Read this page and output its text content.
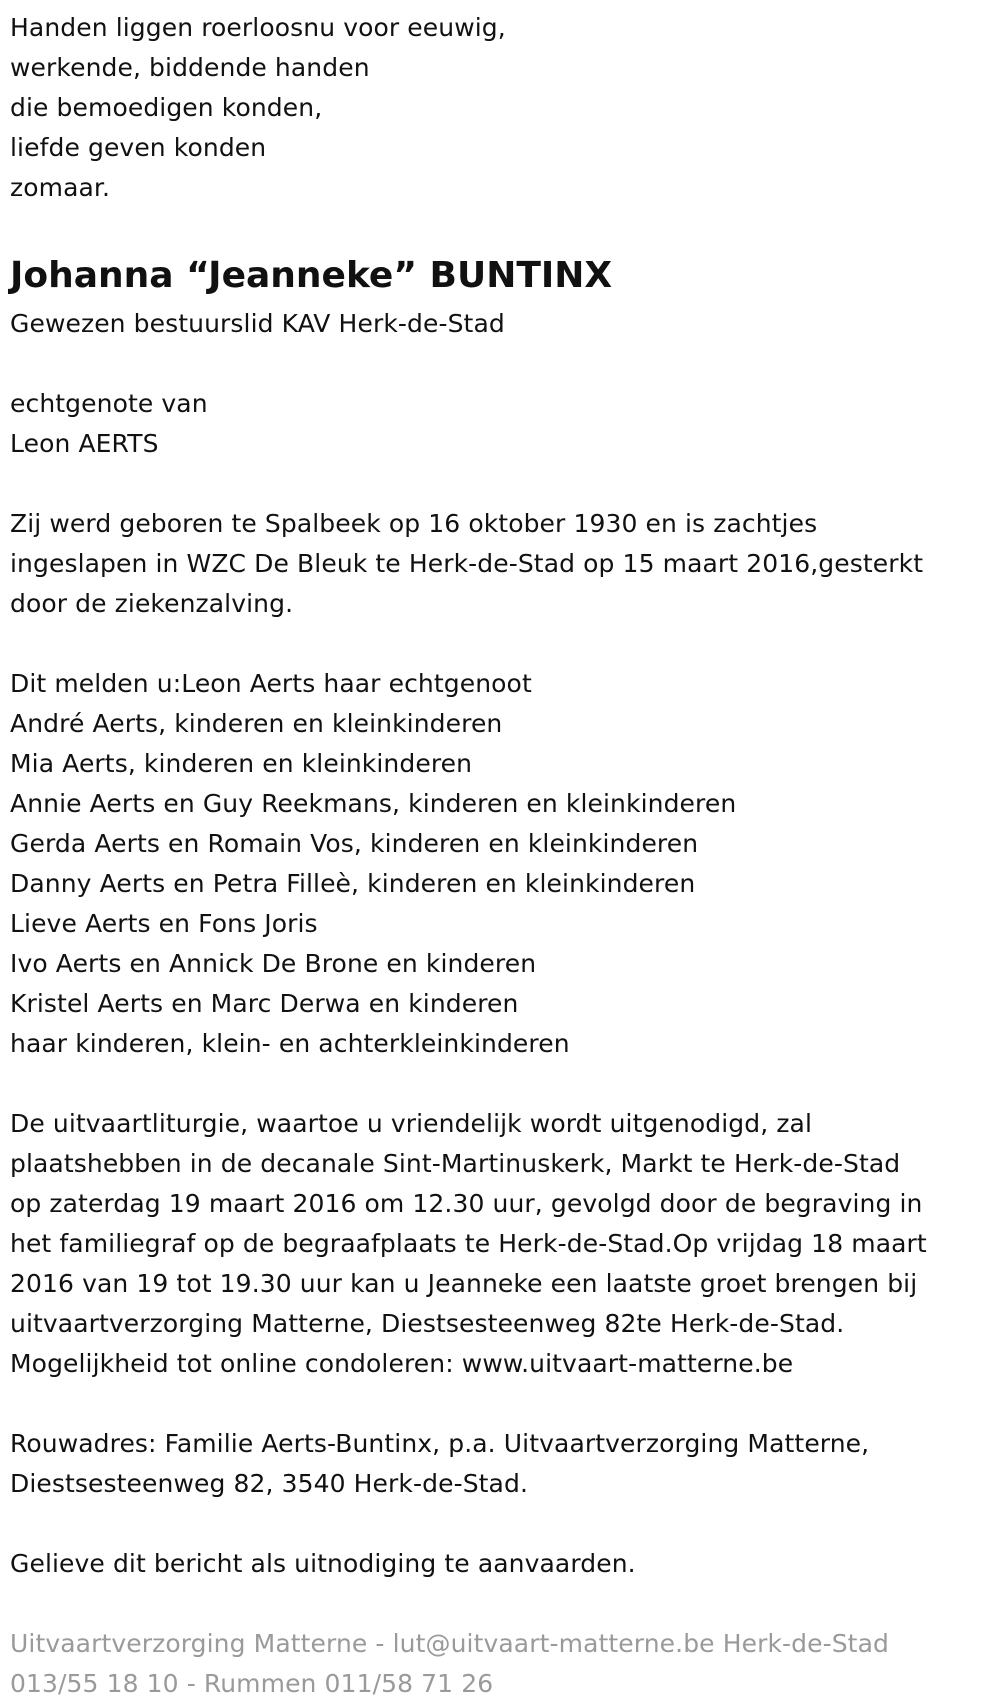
Handen liggen roerloosnu voor eeuwig,
werkende, biddende handen
die bemoedigen konden,
liefde geven konden
zomaar.
Johanna “Jeanneke” BUNTINX
Gewezen bestuurslid KAV Herk-de-Stad
echtgenote van
Leon AERTS
Zij werd geboren te Spalbeek op 16 oktober 1930 en is zachtjes
ingeslapen in WZC De Bleuk te Herk-de-Stad op 15 maart 2016,gesterkt
door de ziekenzalving.
Dit melden u:Leon Aerts haar echtgenoot
André Aerts, kinderen en kleinkinderen
Mia Aerts, kinderen en kleinkinderen
Annie Aerts en Guy Reekmans, kinderen en kleinkinderen
Gerda Aerts en Romain Vos, kinderen en kleinkinderen
Danny Aerts en Petra Filleè, kinderen en kleinkinderen
Lieve Aerts en Fons Joris
Ivo Aerts en Annick De Brone en kinderen
Kristel Aerts en Marc Derwa en kinderen
haar kinderen, klein- en achterkleinkinderen
De uitvaartliturgie, waartoe u vriendelijk wordt uitgenodigd, zal
plaatshebben in de decanale Sint-Martinuskerk, Markt te Herk-de-Stad
op zaterdag 19 maart 2016 om 12.30 uur, gevolgd door de begraving in
het familiegraf op de begraafplaats te Herk-de-Stad.Op vrijdag 18 maart
2016 van 19 tot 19.30 uur kan u Jeanneke een laatste groet brengen bij
uitvaartverzorging Matterne, Diestsesteenweg 82te Herk-de-Stad.
Mogelijkheid tot online condoleren: www.uitvaart-matterne.be
Rouwadres: Familie Aerts-Buntinx, p.a. Uitvaartverzorging Matterne,
Diestsesteenweg 82, 3540 Herk-de-Stad.
Gelieve dit bericht als uitnodiging te aanvaarden.
Uitvaartverzorging Matterne - lut@uitvaart-matterne.be Herk-de-Stad
013/55 18 10 - Rummen 011/58 71 26
